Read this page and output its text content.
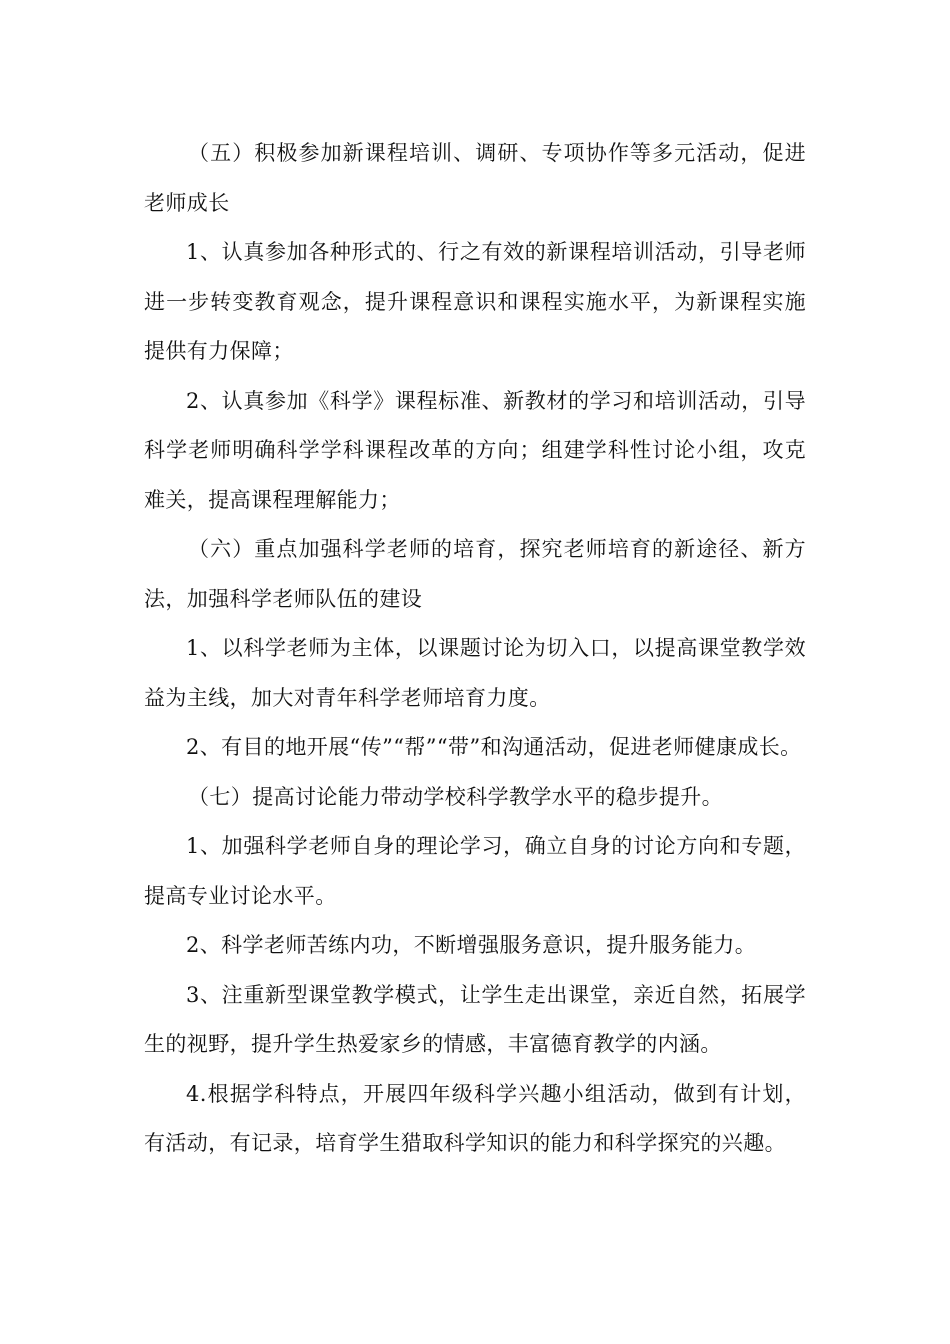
（五）积极参加新课程培训、调研、专项协作等多元活动，促进老师成长

1、认真参加各种形式的、行之有效的新课程培训活动，引导老师进一步转变教育观念，提升课程意识和课程实施水平，为新课程实施提供有力保障；

2、认真参加《科学》课程标准、新教材的学习和培训活动，引导科学老师明确科学学科课程改革的方向；组建学科性讨论小组，攻克难关，提高课程理解能力；

（六）重点加强科学老师的培育，探究老师培育的新途径、新方法，加强科学老师队伍的建设

1、以科学老师为主体，以课题讨论为切入口，以提高课堂教学效益为主线，加大对青年科学老师培育力度。

2、有目的地开展“传”“帮”“带”和沟通活动，促进老师健康成长。

（七）提高讨论能力带动学校科学教学水平的稳步提升。

1、加强科学老师自身的理论学习，确立自身的讨论方向和专题，提高专业讨论水平。

2、科学老师苦练内功，不断增强服务意识，提升服务能力。

3、注重新型课堂教学模式，让学生走出课堂，亲近自然，拓展学生的视野，提升学生热爱家乡的情感，丰富德育教学的内涵。

4.根据学科特点，开展四年级科学兴趣小组活动，做到有计划，有活动，有记录，培育学生猎取科学知识的能力和科学探究的兴趣。
